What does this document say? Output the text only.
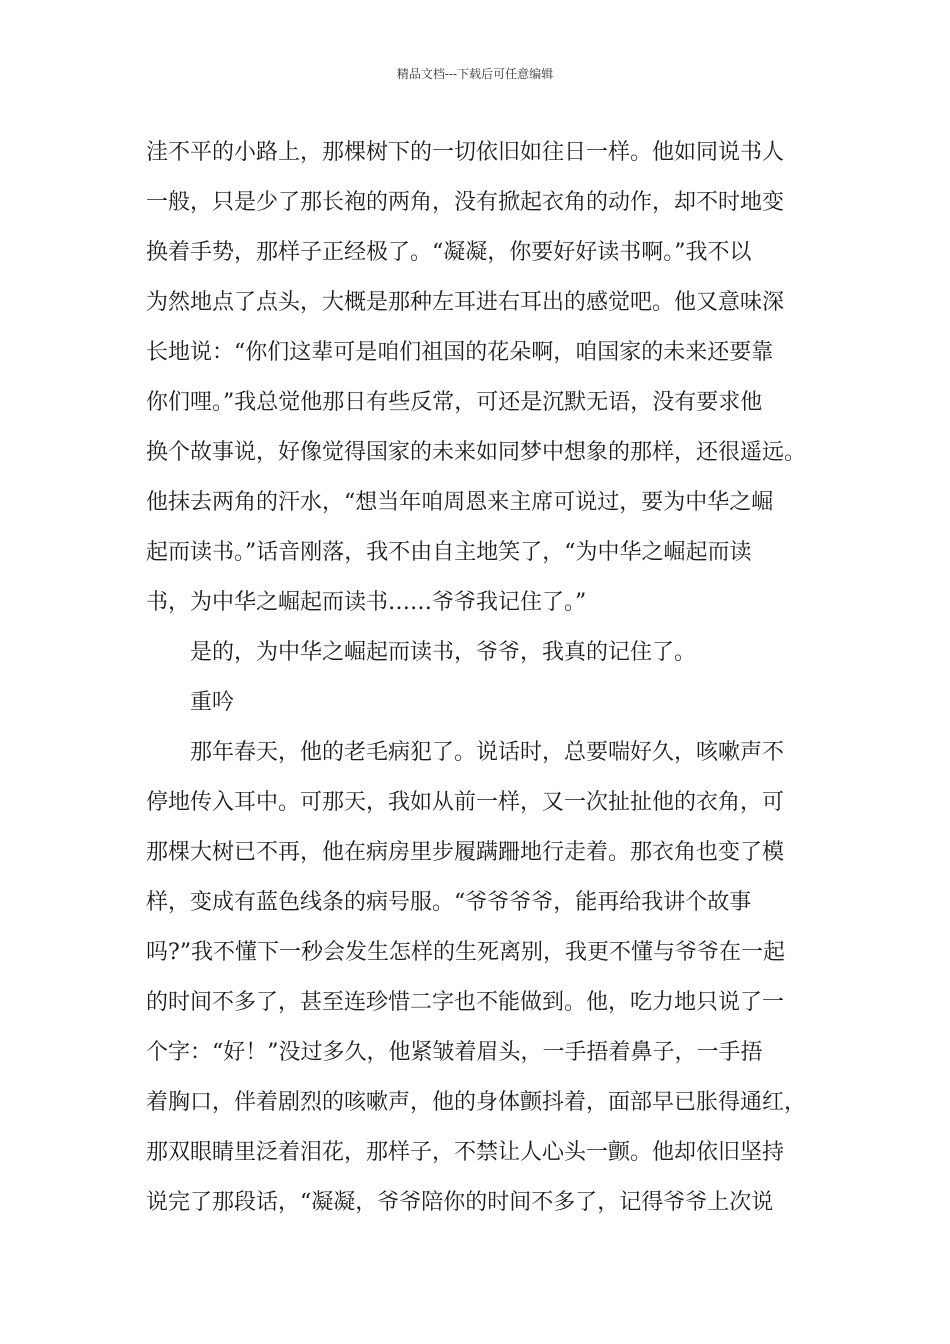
精品文档---下载后可任意编辑
洼不平的小路上，那棵树下的一切依旧如往日一样。他如同说书人
一般，只是少了那长袍的两角，没有掀起衣角的动作，却不时地变
换着手势，那样子正经极了。“凝凝，你要好好读书啊。”我不以
为然地点了点头，大概是那种左耳进右耳出的感觉吧。他又意味深
长地说：“你们这辈可是咱们祖国的花朵啊，咱国家的未来还要靠
你们哩。”我总觉他那日有些反常，可还是沉默无语，没有要求他
换个故事说，好像觉得国家的未来如同梦中想象的那样，还很遥远。
他抹去两角的汗水，“想当年咱周恩来主席可说过，要为中华之崛
起而读书。”话音刚落，我不由自主地笑了，“为中华之崛起而读
书，为中华之崛起而读书……爷爷我记住了。”
是的，为中华之崛起而读书，爷爷，我真的记住了。
重吟
那年春天，他的老毛病犯了。说话时，总要喘好久，咳嗽声不
停地传入耳中。可那天，我如从前一样，又一次扯扯他的衣角，可
那棵大树已不再，他在病房里步履蹒跚地行走着。那衣角也变了模
样，变成有蓝色线条的病号服。“爷爷爷爷，能再给我讲个故事
吗?”我不懂下一秒会发生怎样的生死离别，我更不懂与爷爷在一起
的时间不多了，甚至连珍惜二字也不能做到。他，吃力地只说了一
个字：“好！”没过多久，他紧皱着眉头，一手捂着鼻子，一手捂
着胸口，伴着剧烈的咳嗽声，他的身体颤抖着，面部早已胀得通红，
那双眼睛里泛着泪花，那样子，不禁让人心头一颤。他却依旧坚持
说完了那段话，“凝凝，爷爷陪你的时间不多了，记得爷爷上次说
